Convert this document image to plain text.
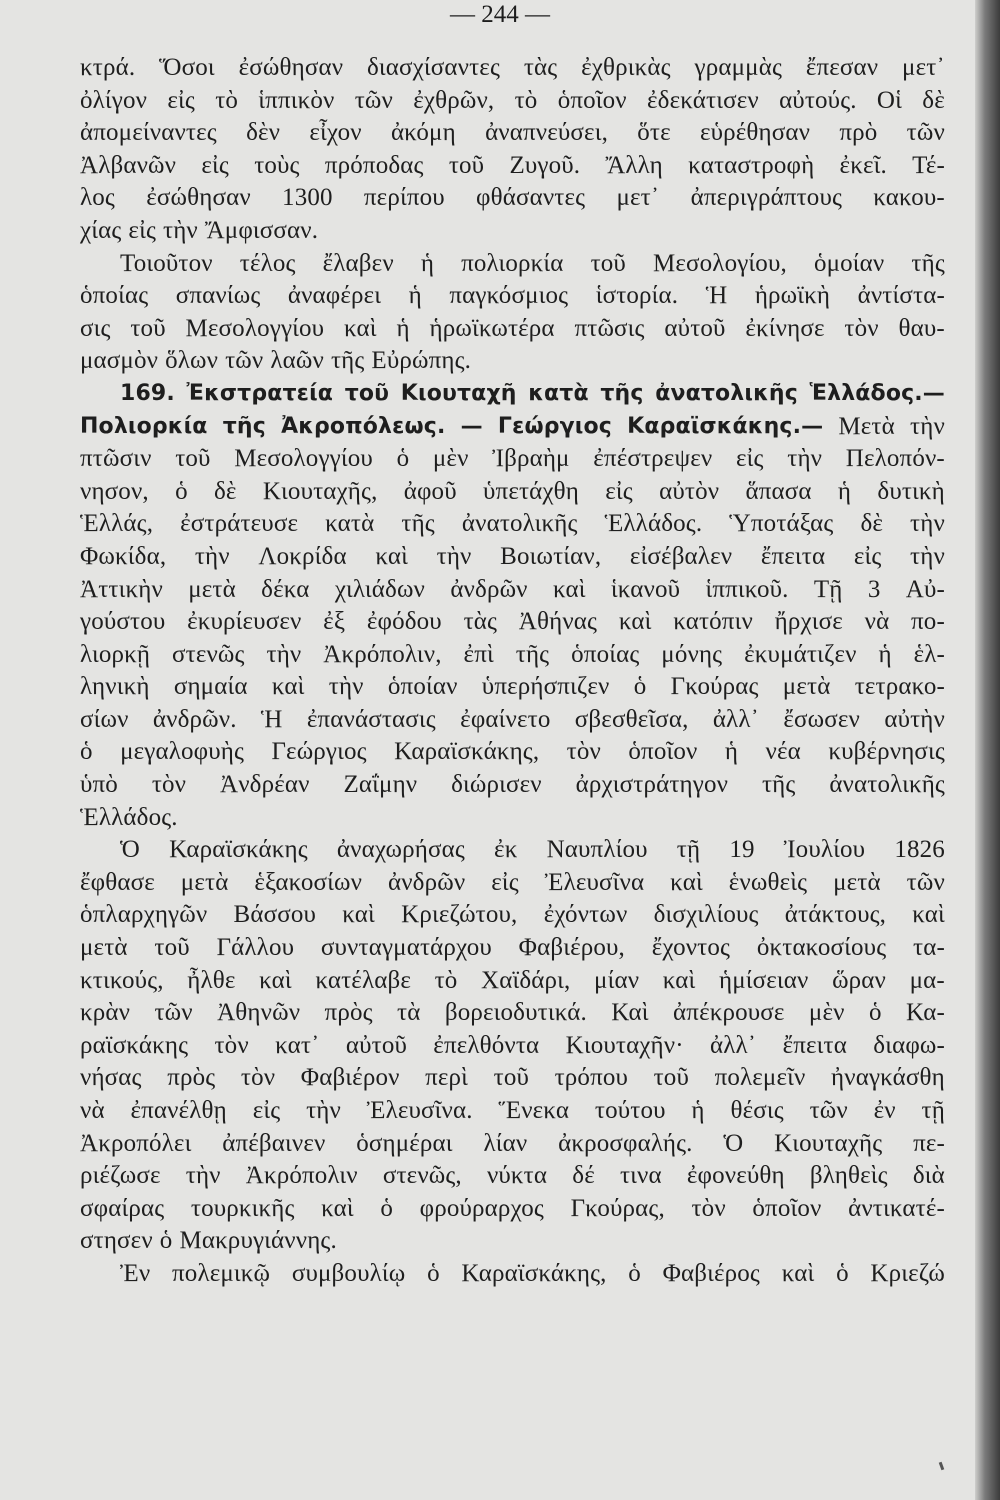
— 244 —
κτρά. Ὅσοι ἐσώθησαν διασχίσαντες τὰς ἐχθρικὰς γραμμὰς ἔπεσαν μετ᾽
ὀλίγον εἰς τὸ ἱππικὸν τῶν ἐχθρῶν, τὸ ὁποῖον ἐδεκάτισεν αὐτούς. Οἱ δὲ
ἀπομείναντες δὲν εἶχον ἀκόμη ἀναπνεύσει, ὅτε εὑρέθησαν πρὸ τῶν
Ἀλβανῶν εἰς τοὺς πρόποδας τοῦ Ζυγοῦ. Ἄλλη καταστροφὴ ἐκεῖ. Τέ-
λος ἐσώθησαν 1300 περίπου φθάσαντες μετ᾽ ἀπεριγράπτους κακου-
χίας εἰς τὴν Ἄμφισσαν.
Τοιοῦτον τέλος ἔλαβεν ἡ πολιορκία τοῦ Μεσολογίου, ὁμοίαν τῆς
ὁποίας σπανίως ἀναφέρει ἡ παγκόσμιος ἱστορία. Ἡ ἡρωϊκὴ ἀντίστα-
σις τοῦ Μεσολογγίου καὶ ἡ ἡρωϊκωτέρα πτῶσις αὐτοῦ ἐκίνησε τὸν θαυ-
μασμὸν ὅλων τῶν λαῶν τῆς Εὐρώπης.
169. Ἐκστρατεία τοῦ Κιουταχῆ κατὰ τῆς ἀνατολικῆς Ἑλλάδος.—
Πολιορκία τῆς Ἀκροπόλεως. — Γεώργιος Καραϊσκάκης.— Μετὰ τὴν
πτῶσιν τοῦ Μεσολογγίου ὁ μὲν Ἰβραὴμ ἐπέστρεψεν εἰς τὴν Πελοπόν-
νησον, ὁ δὲ Κιουταχῆς, ἀφοῦ ὑπετάχθη εἰς αὐτὸν ἅπασα ἡ δυτικὴ
Ἑλλάς, ἐστράτευσε κατὰ τῆς ἀνατολικῆς Ἑλλάδος. Ὑποτάξας δὲ τὴν
Φωκίδα, τὴν Λοκρίδα καὶ τὴν Βοιωτίαν, εἰσέβαλεν ἔπειτα εἰς τὴν
Ἀττικὴν μετὰ δέκα χιλιάδων ἀνδρῶν καὶ ἱκανοῦ ἱππικοῦ. Τῇ 3 Αὐ-
γούστου ἐκυρίευσεν ἐξ ἐφόδου τὰς Ἀθήνας καὶ κατόπιν ἤρχισε νὰ πο-
λιορκῇ στενῶς τὴν Ἀκρόπολιν, ἐπὶ τῆς ὁποίας μόνης ἐκυμάτιζεν ἡ ἑλ-
ληνικὴ σημαία καὶ τὴν ὁποίαν ὑπερήσπιζεν ὁ Γκούρας μετὰ τετρακο-
σίων ἀνδρῶν. Ἡ ἐπανάστασις ἐφαίνετο σβεσθεῖσα, ἀλλ᾽ ἔσωσεν αὐτὴν
ὁ μεγαλοφυὴς Γεώργιος Καραϊσκάκης, τὸν ὁποῖον ἡ νέα κυβέρνησις
ὑπὸ τὸν Ἀνδρέαν Ζαΐμην διώρισεν ἀρχιστράτηγον τῆς ἀνατολικῆς
Ἑλλάδος.
Ὁ Καραϊσκάκης ἀναχωρήσας ἐκ Ναυπλίου τῇ 19 Ἰουλίου 1826
ἔφθασε μετὰ ἑξακοσίων ἀνδρῶν εἰς Ἐλευσῖνα καὶ ἑνωθεὶς μετὰ τῶν
ὁπλαρχηγῶν Βάσσου καὶ Κριεζώτου, ἐχόντων δισχιλίους ἀτάκτους, καὶ
μετὰ τοῦ Γάλλου συνταγματάρχου Φαβιέρου, ἔχοντος ὀκτακοσίους τα-
κτικούς, ἦλθε καὶ κατέλαβε τὸ Χαϊδάρι, μίαν καὶ ἡμίσειαν ὥραν μα-
κρὰν τῶν Ἀθηνῶν πρὸς τὰ βορειοδυτικά. Καὶ ἀπέκρουσε μὲν ὁ Κα-
ραϊσκάκης τὸν κατ᾽ αὐτοῦ ἐπελθόντα Κιουταχῆν· ἀλλ᾽ ἔπειτα διαφω-
νήσας πρὸς τὸν Φαβιέρον περὶ τοῦ τρόπου τοῦ πολεμεῖν ἠναγκάσθη
νὰ ἐπανέλθῃ εἰς τὴν Ἐλευσῖνα. Ἕνεκα τούτου ἡ θέσις τῶν ἐν τῇ
Ἀκροπόλει ἀπέβαινεν ὁσημέραι λίαν ἀκροσφαλής. Ὁ Κιουταχῆς πε-
ριέζωσε τὴν Ἀκρόπολιν στενῶς, νύκτα δέ τινα ἐφονεύθη βληθεὶς διὰ
σφαίρας τουρκικῆς καὶ ὁ φρούραρχος Γκούρας, τὸν ὁποῖον ἀντικατέ-
στησεν ὁ Μακρυγιάννης.
Ἐν πολεμικῷ συμβουλίῳ ὁ Καραϊσκάκης, ὁ Φαβιέρος καὶ ὁ Κριεζώ
